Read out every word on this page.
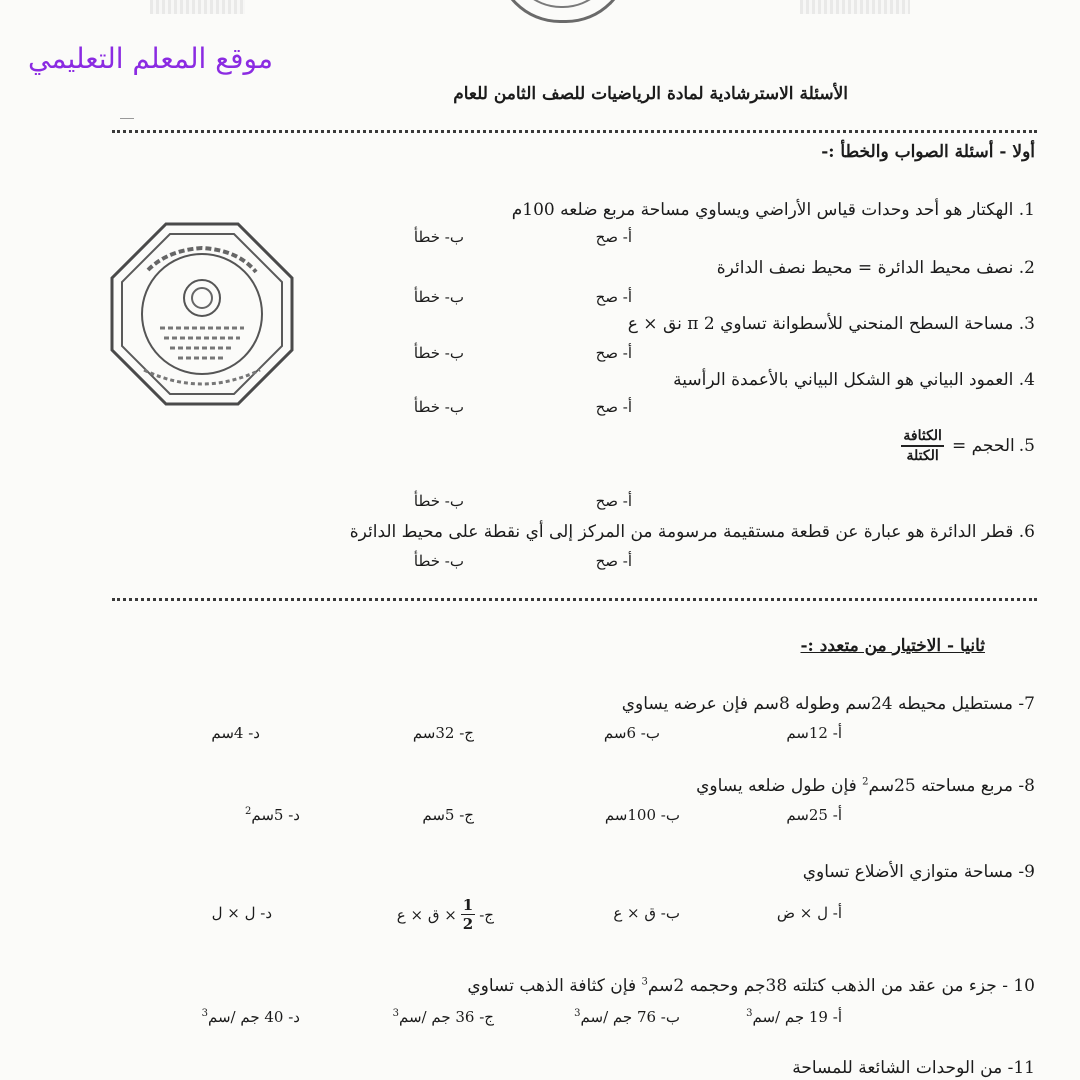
موقع المعلم التعليمي
الأسئلة الاسترشادية لمادة الرياضيات للصف الثامن للعام
أولا - أسئلة الصواب والخطأ :-
1. الهكتار هو أحد وحدات قياس الأراضي ويساوي مساحة مربع ضلعه 100م
أ- صح
ب- خطأ
2. نصف محيط الدائرة = محيط نصف الدائرة
أ- صح
ب- خطأ
3. مساحة السطح المنحني للأسطوانة تساوي 2 π نق × ع
أ- صح
ب- خطأ
4. العمود البياني هو الشكل البياني بالأعمدة الرأسية
أ- صح
ب- خطأ
5.
الحجم =
$\frac{\text{الكثافة}}{\text{الكتلة}}$
أ- صح
ب- خطأ
6. قطر الدائرة هو عبارة عن قطعة مستقيمة مرسومة من المركز إلى أي نقطة على محيط الدائرة
أ- صح
ب- خطأ
ثانيا - الاختيار من متعدد :-
7- مستطيل محيطه 24سم وطوله 8سم فإن عرضه يساوي
أ- 12سم
ب- 6سم
ج- 32سم
د- 4سم
8- مربع مساحته 25سم$^2$ فإن طول ضلعه يساوي
أ- 25سم
ب- 100سم
ج- 5سم
د- 5سم$^2$
9- مساحة متوازي الأضلاع تساوي
أ- ل × ض
ب- ق × ع
ج-
$\frac{1}{2}$
× ق × ع
د- ل × ل
10 - جزء من عقد من الذهب كتلته 38جم وحجمه 2سم$^3$ فإن كثافة الذهب تساوي
أ- 19 جم /سم$^3$
ب- 76 جم /سم$^3$
ج- 36 جم /سم$^3$
د- 40 جم /سم$^3$
11- من الوحدات الشائعة للمساحة
